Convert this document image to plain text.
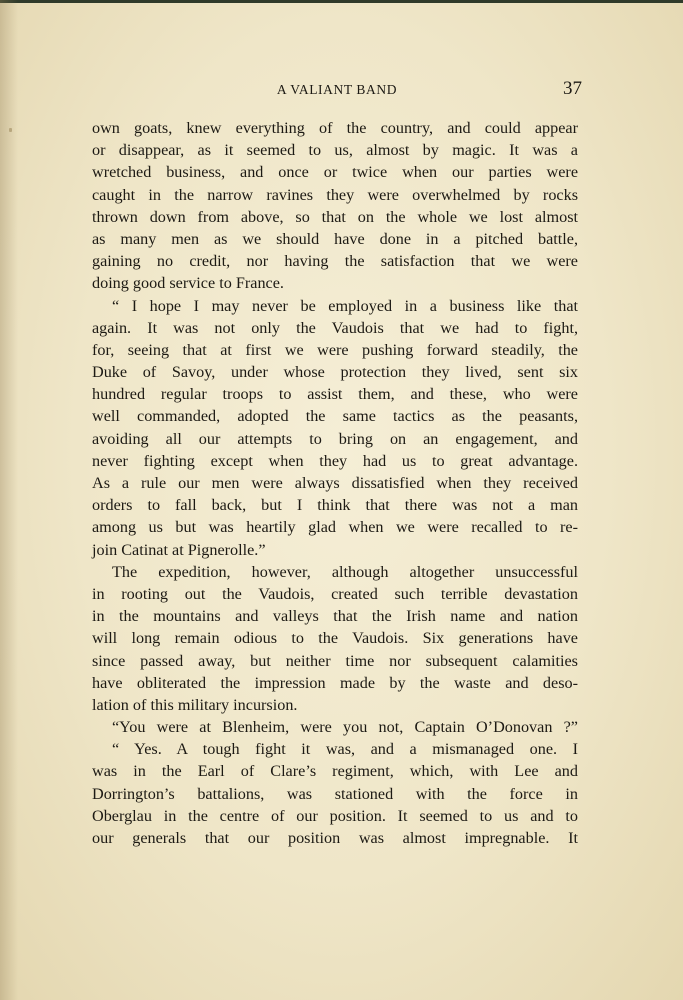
A VALIANT BAND	37
own goats, knew everything of the country, and could appear
or disappear, as it seemed to us, almost by magic. It was a
wretched business, and once or twice when our parties were
caught in the narrow ravines they were overwhelmed by rocks
thrown down from above, so that on the whole we lost almost
as many men as we should have done in a pitched battle,
gaining no credit, nor having the satisfaction that we were
doing good service to France.
“ I hope I may never be employed in a business like that
again. It was not only the Vaudois that we had to fight,
for, seeing that at first we were pushing forward steadily, the
Duke of Savoy, under whose protection they lived, sent six
hundred regular troops to assist them, and these, who were
well commanded, adopted the same tactics as the peasants,
avoiding all our attempts to bring on an engagement, and
never fighting except when they had us to great advantage.
As a rule our men were always dissatisfied when they received
orders to fall back, but I think that there was not a man
among us but was heartily glad when we were recalled to re-
join Catinat at Pignerolle.”
The expedition, however, although altogether unsuccessful
in rooting out the Vaudois, created such terrible devastation
in the mountains and valleys that the Irish name and nation
will long remain odious to the Vaudois. Six generations have
since passed away, but neither time nor subsequent calamities
have obliterated the impression made by the waste and deso-
lation of this military incursion.
“You were at Blenheim, were you not, Captain O’Donovan ?”
“ Yes. A tough fight it was, and a mismanaged one. I
was in the Earl of Clare’s regiment, which, with Lee and
Dorrington’s battalions, was stationed with the force in
Oberglau in the centre of our position. It seemed to us and to
our generals that our position was almost impregnable. It
